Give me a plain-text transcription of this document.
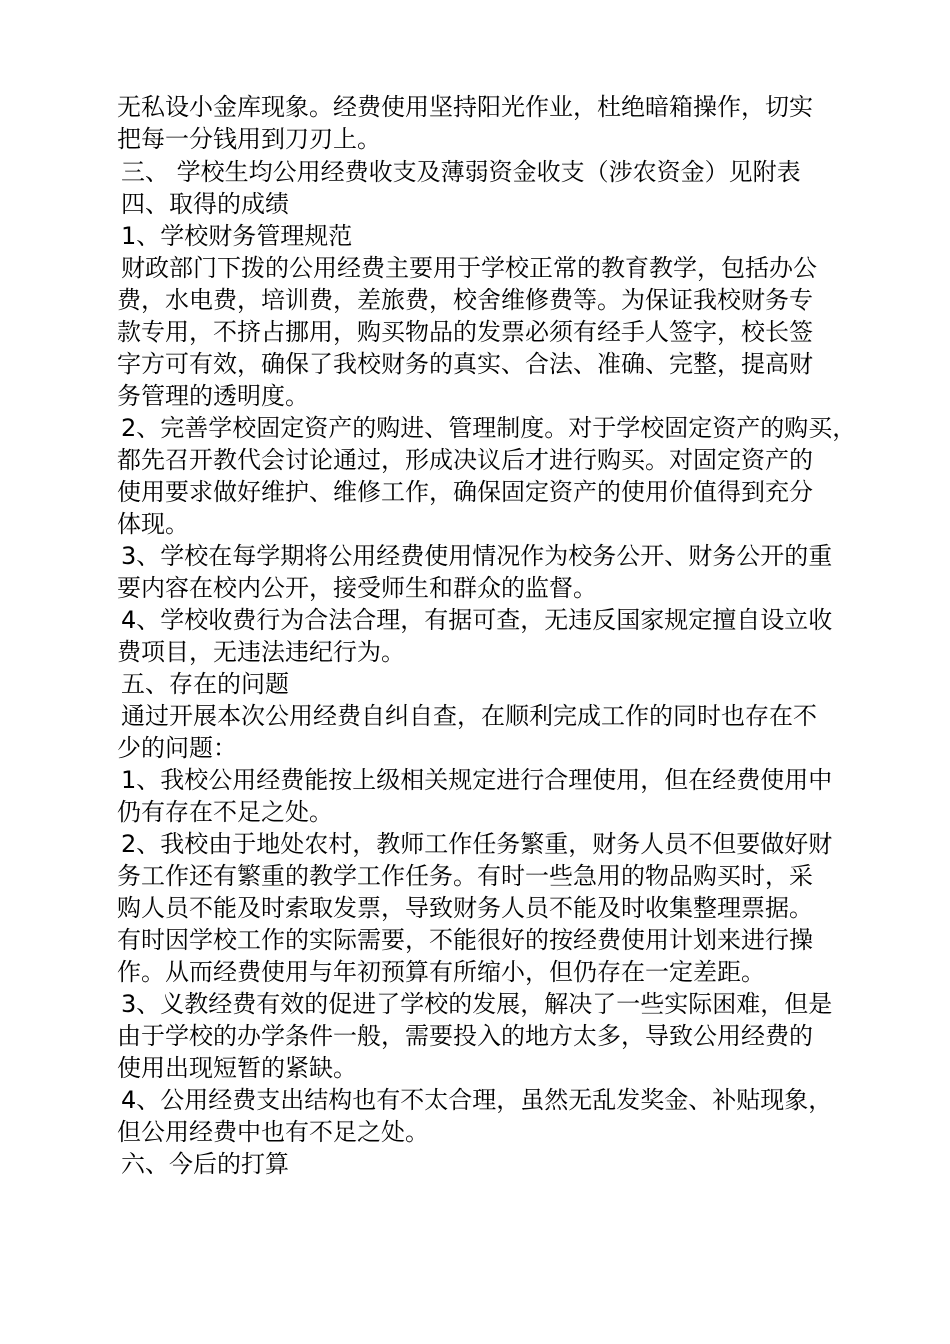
无私设小金库现象。经费使用坚持阳光作业，杜绝暗箱操作，切实
把每一分钱用到刀刃上。
三、 学校生均公用经费收支及薄弱资金收支（涉农资金）见附表
四、取得的成绩
1、学校财务管理规范
财政部门下拨的公用经费主要用于学校正常的教育教学，包括办公
费，水电费，培训费，差旅费，校舍维修费等。为保证我校财务专
款专用，不挤占挪用，购买物品的发票必须有经手人签字，校长签
字方可有效，确保了我校财务的真实、合法、准确、完整，提高财
务管理的透明度。
2、完善学校固定资产的购进、管理制度。对于学校固定资产的购买，
都先召开教代会讨论通过，形成决议后才进行购买。对固定资产的
使用要求做好维护、维修工作，确保固定资产的使用价值得到充分
体现。
3、学校在每学期将公用经费使用情况作为校务公开、财务公开的重
要内容在校内公开，接受师生和群众的监督。
4、学校收费行为合法合理，有据可查，无违反国家规定擅自设立收
费项目，无违法违纪行为。
五、存在的问题
通过开展本次公用经费自纠自查，在顺利完成工作的同时也存在不
少的问题：
1、我校公用经费能按上级相关规定进行合理使用，但在经费使用中
仍有存在不足之处。
2、我校由于地处农村，教师工作任务繁重，财务人员不但要做好财
务工作还有繁重的教学工作任务。有时一些急用的物品购买时，采
购人员不能及时索取发票，导致财务人员不能及时收集整理票据。
有时因学校工作的实际需要，不能很好的按经费使用计划来进行操
作。从而经费使用与年初预算有所缩小，但仍存在一定差距。
3、义教经费有效的促进了学校的发展，解决了一些实际困难，但是
由于学校的办学条件一般，需要投入的地方太多，导致公用经费的
使用出现短暂的紧缺。
4、公用经费支出结构也有不太合理，虽然无乱发奖金、补贴现象，
但公用经费中也有不足之处。
六、今后的打算
